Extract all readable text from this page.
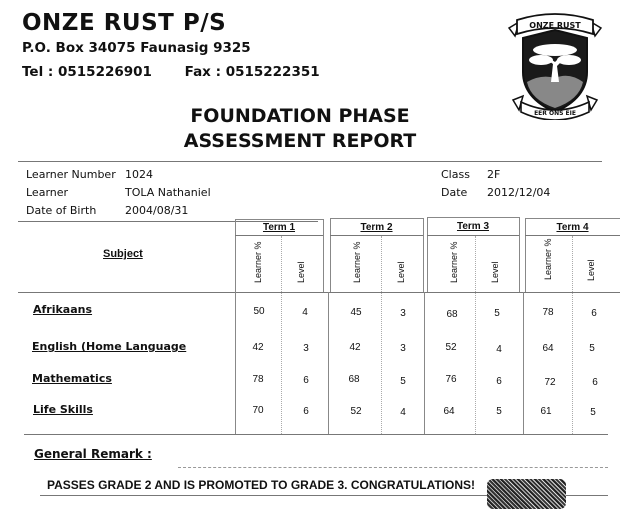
ONZE RUST P/S
P.O. Box 34075 Faunasig 9325
Tel : 0515226901 Fax : 0515222351
ONZE RUST
EER ONS EIE
FOUNDATION PHASE
ASSESSMENT REPORT
Learner Number 1024
Learner	TOLA Nathaniel
Date of Birth	2004/08/31
Class 2F
Date 2012/12/04
Subject
Term 1	Term 2	Term 3	Term 4
Learner %	Level	Learner %	Level	Learner %	Level	Learner %	Level
Afrikaans	50	4	45	3	68	5	78	6
English (Home Language	42	3	42	3	52	4	64	5
Mathematics	78	6	68	5	76	6	72	6
Life Skills	70	6	52	4	64	5	61	5
General Remark :
PASSES GRADE 2 AND IS PROMOTED TO GRADE 3. CONGRATULATIONS!
